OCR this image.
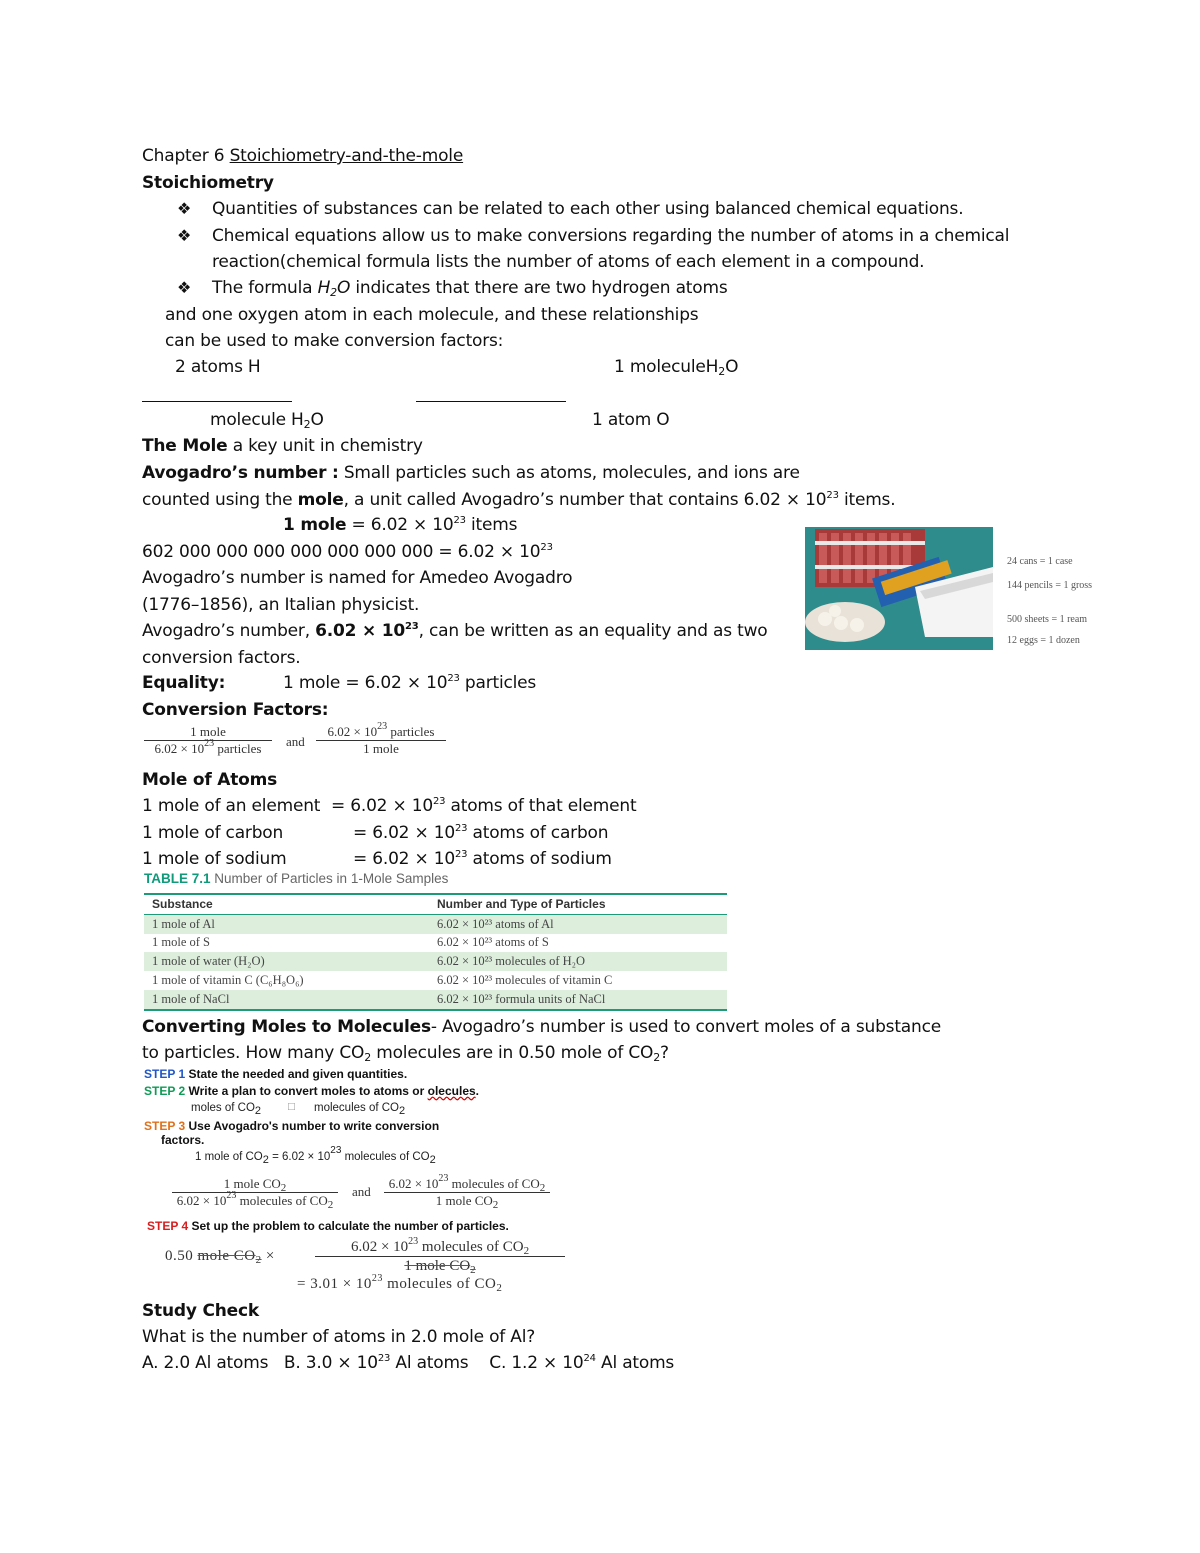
Chapter 6 Stoichiometry-and-the-mole
Stoichiometry
❖ Quantities of substances can be related to each other using balanced chemical equations.
❖ Chemical equations allow us to make conversions regarding the number of atoms in a chemical
reaction(chemical formula lists the number of atoms of each element in a compound.
❖ The formula $H_2O$ indicates that there are two hydrogen atoms
and one oxygen atom in each molecule, and these relationships
can be used to make conversion factors:
2 atoms H	1 moleculeH$_2$O
molecule $H_2O$	1 atom O
The Mole a key unit in chemistry
Avogadro’s number : Small particles such as atoms, molecules, and ions are
counted using the mole, a unit called Avogadro’s number that contains $6.02 \times 10^{23}$ items.
1 mole = $6.02 \times 10^{23}$ items
602 000 000 000 000 000 000 $000 = 6.02 \times 10^{23}$
Avogadro’s number is named for Amedeo Avogadro
(1776–1856), an Italian physicist.
Avogadro’s number, $6.02 \times 10^{23}$, can be written as an equality and as two
conversion factors.
Equality:	1 mole = $6.02 \times 10^{23}$ particles
Conversion Factors:
1 mole
$6.02 \times 10^{23}$ particles	and
$6.02 \times 10^{23}$ particles
1 mole
24 cans = 1 case
144 pencils = 1 gross
500 sheets = 1 ream
12 eggs = 1 dozen
Mole of Atoms
1 mole of an element = $6.02 \times 10^{23}$ atoms of that element
1 mole of carbon	= $6.02 \times 10^{23}$ atoms of carbon
1 mole of sodium	= $6.02 \times 10^{23}$ atoms of sodium
TABLE 7.1 Number of Particles in 1-Mole Samples
Substance	Number and Type of Particles
1 mole of Al	6.02 × 10²³ atoms of Al
1 mole of S	6.02 × 10²³ atoms of S
1 mole of water (H₂O)	6.02 × 10²³ molecules of H₂O
1 mole of vitamin C (C₆H₈O₆)	6.02 × 10²³ molecules of vitamin C
1 mole of NaCl	6.02 × 10²³ formula units of NaCl
Converting Moles to Molecules- Avogadro’s number is used to convert moles of a substance
to particles. How many $CO_2$ molecules are in 0.50 mole of $CO_2$?
STEP 1 State the needed and given quantities.
STEP 2 Write a plan to convert moles to atoms or olecules.
moles of $CO_2$ □ molecules of $CO_2$
STEP 3 Use Avogadro's number to write conversion
factors.
1 mole of $CO_2 = 6.02 \times 10^{23}$ molecules of $CO_2$
1 mole $CO_2$
$6.02 \times 10^{23}$ molecules of $CO_2$
and
$6.02 \times 10^{23}$ molecules of $CO_2$
1 mole $CO_2$
STEP 4 Set up the problem to calculate the number of particles.
0.50 mole $CO_2$ ×
$6.02 \times 10^{23}$ molecules of $CO_2$
1 mole $CO_2$
= $3.01 \times 10^{23}$ molecules of $CO_2$
Study Check
What is the number of atoms in 2.0 mole of Al?
A. 2.0 Al atoms B. $3.0 \times 10^{23}$ Al atoms C. $1.2 \times 10^{24}$ Al atoms
